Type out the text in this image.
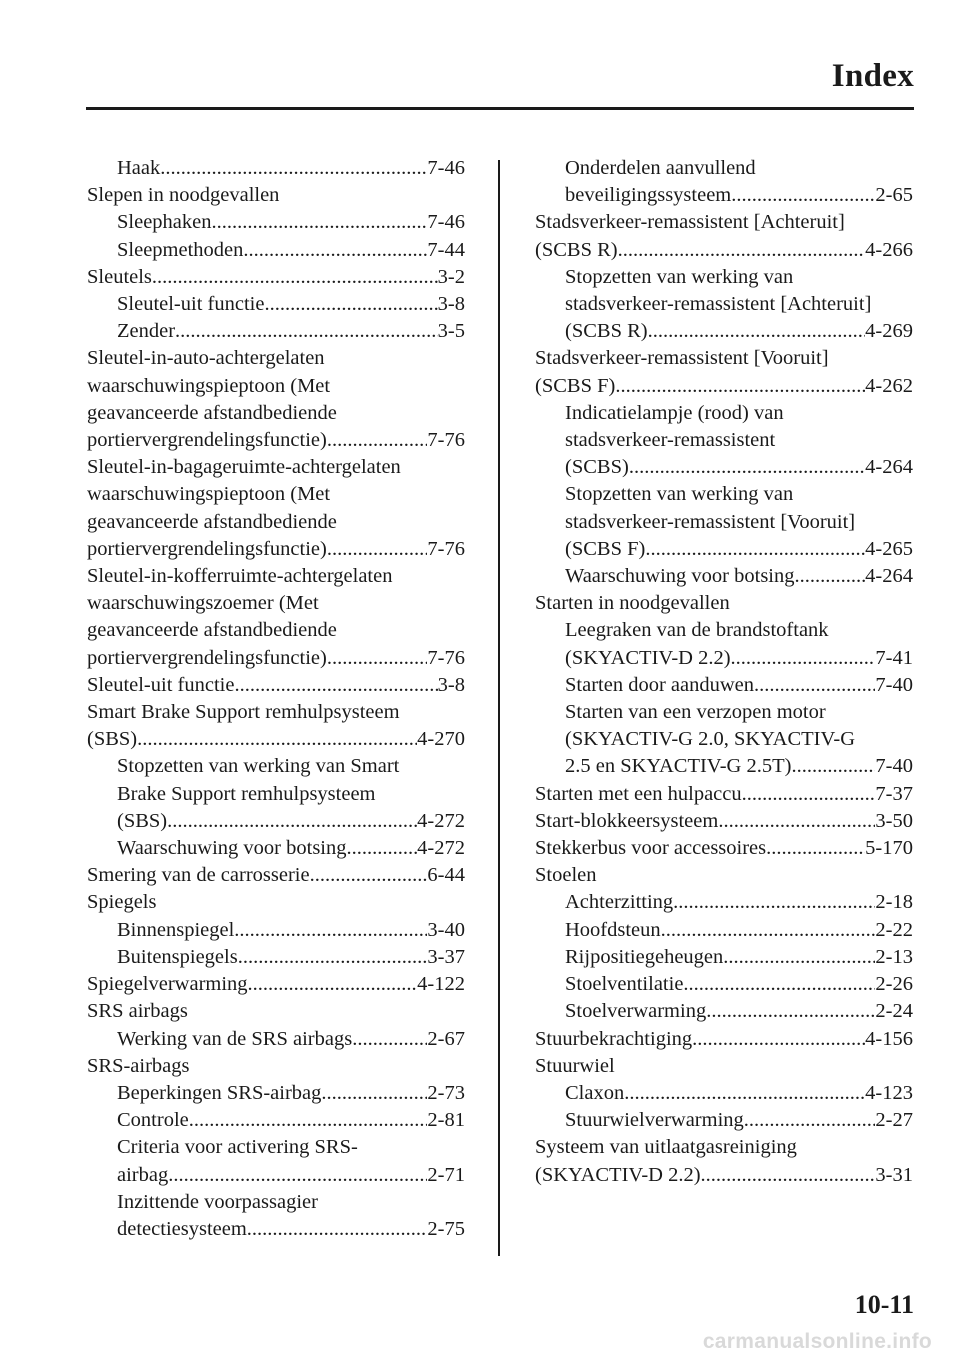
Index
Haak .....	7-46
Slepen in noodgevallen
Sleephaken .....	7-46
Sleepmethoden .....	7-44
Sleutels .....	3-2
Sleutel-uit functie .....	3-8
Zender .....	3-5
Sleutel-in-auto-achtergelaten
waarschuwingspieptoon (Met
geavanceerde afstandbediende
portiervergrendelingsfunctie) .....	7-76
Sleutel-in-bagageruimte-achtergelaten
waarschuwingspieptoon (Met
geavanceerde afstandbediende
portiervergrendelingsfunctie) .....	7-76
Sleutel-in-kofferruimte-achtergelaten
waarschuwingszoemer (Met
geavanceerde afstandbediende
portiervergrendelingsfunctie) .....	7-76
Sleutel-uit functie .....	3-8
Smart Brake Support remhulpsysteem
(SBS) .....	4-270
Stopzetten van werking van Smart
Brake Support remhulpsysteem
(SBS) .....	4-272
Waarschuwing voor botsing .....	4-272
Smering van de carrosserie .....	6-44
Spiegels
Binnenspiegel .....	3-40
Buitenspiegels .....	3-37
Spiegelverwarming .....	4-122
SRS airbags
Werking van de SRS airbags .....	2-67
SRS-airbags
Beperkingen SRS-airbag .....	2-73
Controle .....	2-81
Criteria voor activering SRS-
airbag .....	2-71
Inzittende voorpassagier
detectiesysteem .....	2-75
Onderdelen aanvullend
beveiligingssysteem .....	2-65
Stadsverkeer-remassistent [Achteruit]
(SCBS R) .....	4-266
Stopzetten van werking van
stadsverkeer-remassistent [Achteruit]
(SCBS R) .....	4-269
Stadsverkeer-remassistent [Vooruit]
(SCBS F) .....	4-262
Indicatielampje (rood) van
stadsverkeer-remassistent
(SCBS) .....	4-264
Stopzetten van werking van
stadsverkeer-remassistent [Vooruit]
(SCBS F) .....	4-265
Waarschuwing voor botsing .....	4-264
Starten in noodgevallen
Leegraken van de brandstoftank
(SKYACTIV-D 2.2) .....	7-41
Starten door aanduwen .....	7-40
Starten van een verzopen motor
(SKYACTIV-G 2.0, SKYACTIV-G
2.5 en SKYACTIV-G 2.5T) .....	7-40
Starten met een hulpaccu .....	7-37
Start-blokkeersysteem .....	3-50
Stekkerbus voor accessoires .....	5-170
Stoelen
Achterzitting .....	2-18
Hoofdsteun .....	2-22
Rijpositiegeheugen .....	2-13
Stoelventilatie .....	2-26
Stoelverwarming .....	2-24
Stuurbekrachtiging .....	4-156
Stuurwiel
Claxon .....	4-123
Stuurwielverwarming .....	2-27
Systeem van uitlaatgasreiniging
(SKYACTIV-D 2.2) .....	3-31
10-11
carmanualsonline.info
